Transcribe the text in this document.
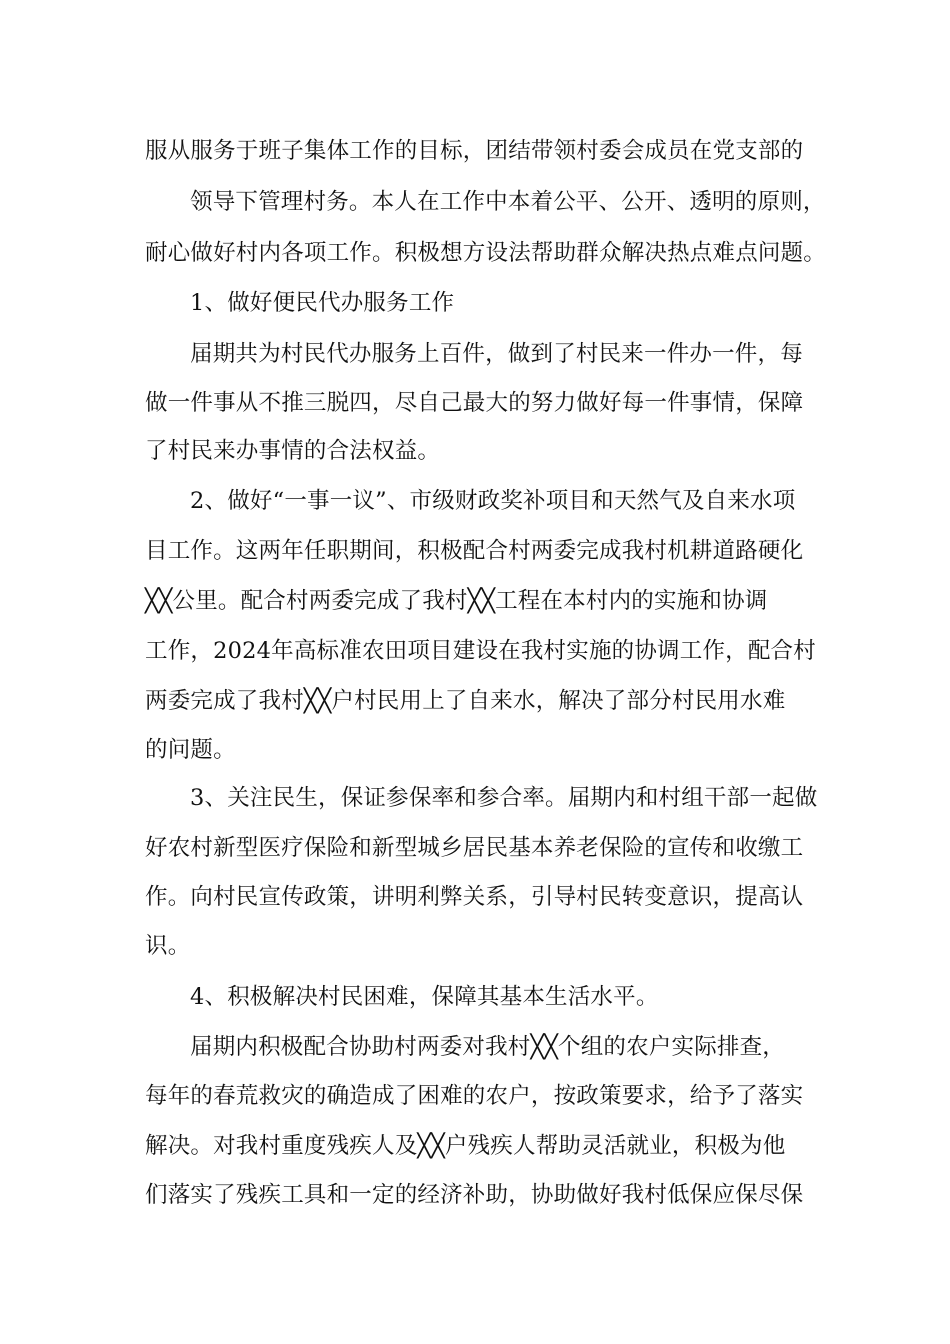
服从服务于班子集体工作的目标，团结带领村委会成员在党支部的
领导下管理村务。本人在工作中本着公平、公开、透明的原则，
耐心做好村内各项工作。积极想方设法帮助群众解决热点难点问题。
1、做好便民代办服务工作
届期共为村民代办服务上百件，做到了村民来一件办一件，每
做一件事从不推三脱四，尽自己最大的努力做好每一件事情，保障
了村民来办事情的合法权益。
2、做好“一事一议”、市级财政奖补项目和天然气及自来水项
目工作。这两年任职期间，积极配合村两委完成我村机耕道路硬化
╳╳公里。配合村两委完成了我村╳╳工程在本村内的实施和协调
工作，2024年高标准农田项目建设在我村实施的协调工作，配合村
两委完成了我村╳╳户村民用上了自来水，解决了部分村民用水难
的问题。
3、关注民生，保证参保率和参合率。届期内和村组干部一起做
好农村新型医疗保险和新型城乡居民基本养老保险的宣传和收缴工
作。向村民宣传政策，讲明利弊关系，引导村民转变意识，提高认
识。
4、积极解决村民困难，保障其基本生活水平。
届期内积极配合协助村两委对我村╳╳个组的农户实际排查，
每年的春荒救灾的确造成了困难的农户，按政策要求，给予了落实
解决。对我村重度残疾人及╳╳户残疾人帮助灵活就业，积极为他
们落实了残疾工具和一定的经济补助，协助做好我村低保应保尽保
